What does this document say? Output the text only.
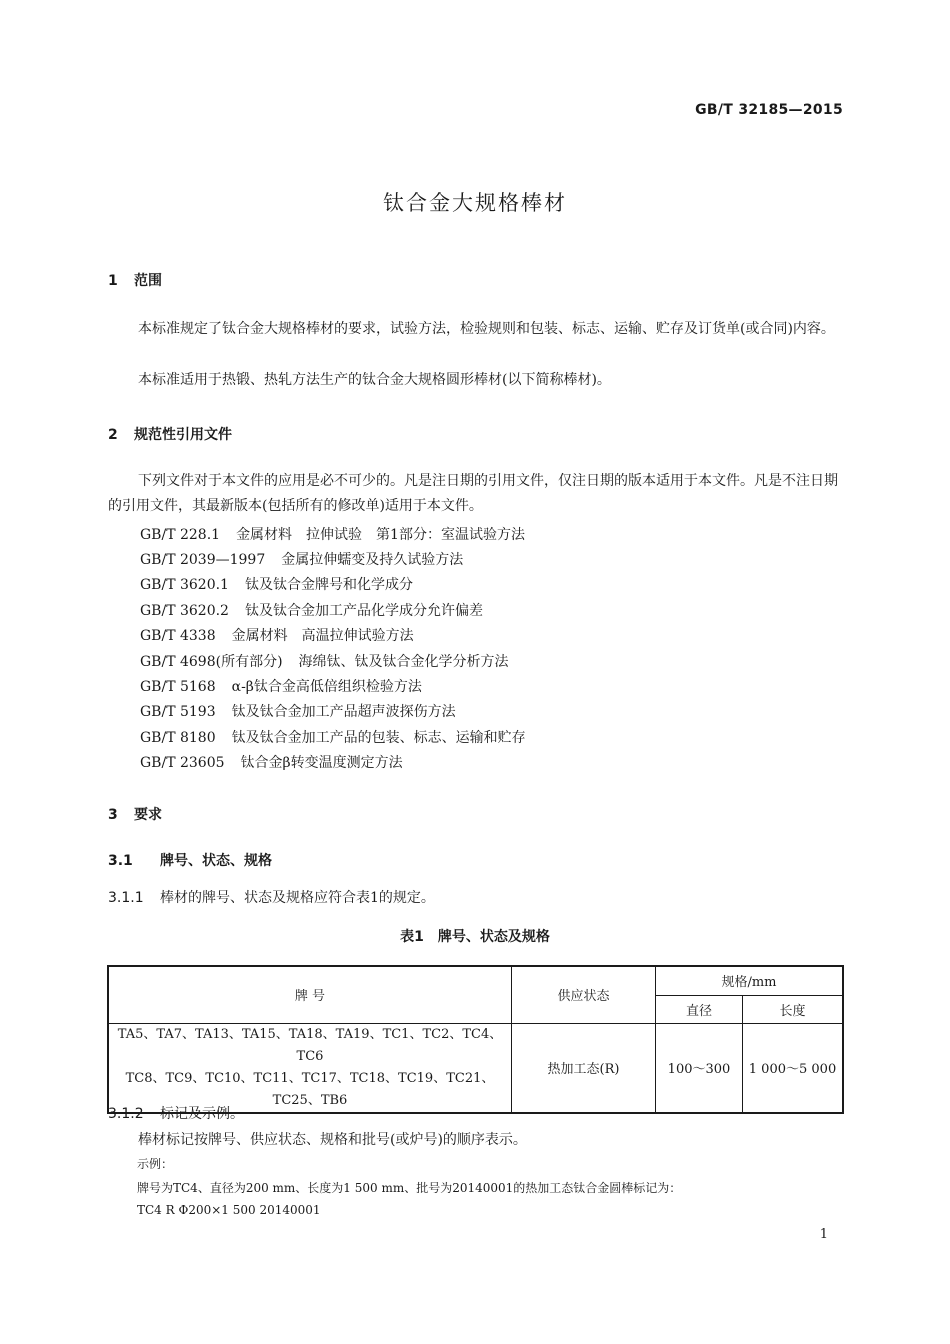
GB/T 32185—2015
钛合金大规格棒材
1 范围
本标准规定了钛合金大规格棒材的要求，试验方法，检验规则和包装、标志、运输、贮存及订货单(或合同)内容。
本标准适用于热锻、热轧方法生产的钛合金大规格圆形棒材(以下简称棒材)。
2 规范性引用文件
下列文件对于本文件的应用是必不可少的。凡是注日期的引用文件，仅注日期的版本适用于本文件。凡是不注日期的引用文件，其最新版本(包括所有的修改单)适用于本文件。
GB/T 228.1 金属材料　拉伸试验　第1部分：室温试验方法
GB/T 2039—1997 金属拉伸蠕变及持久试验方法
GB/T 3620.1 钛及钛合金牌号和化学成分
GB/T 3620.2 钛及钛合金加工产品化学成分允许偏差
GB/T 4338 金属材料　高温拉伸试验方法
GB/T 4698(所有部分) 海绵钛、钛及钛合金化学分析方法
GB/T 5168 α-β钛合金高低倍组织检验方法
GB/T 5193 钛及钛合金加工产品超声波探伤方法
GB/T 8180 钛及钛合金加工产品的包装、标志、运输和贮存
GB/T 23605 钛合金β转变温度测定方法
3 要求
3.1 牌号、状态、规格
3.1.1 棒材的牌号、状态及规格应符合表1的规定。
表1　牌号、状态及规格
牌 号	供应状态	规格/mm	
		直径	长度

TA5、TA7、TA13、TA15、TA18、TA19、TC1、TC2、TC4、TC6
TC8、TC9、TC10、TC11、TC17、TC18、TC19、TC21、TC25、TB6	热加工态(R)	100～300	1 000～5 000
3.1.2 标记及示例。
棒材标记按牌号、供应状态、规格和批号(或炉号)的顺序表示。
示例：
牌号为TC4、直径为200 mm、长度为1 500 mm、批号为20140001的热加工态钛合金圆棒标记为：
TC4 R Φ200×1 500 20140001
1
